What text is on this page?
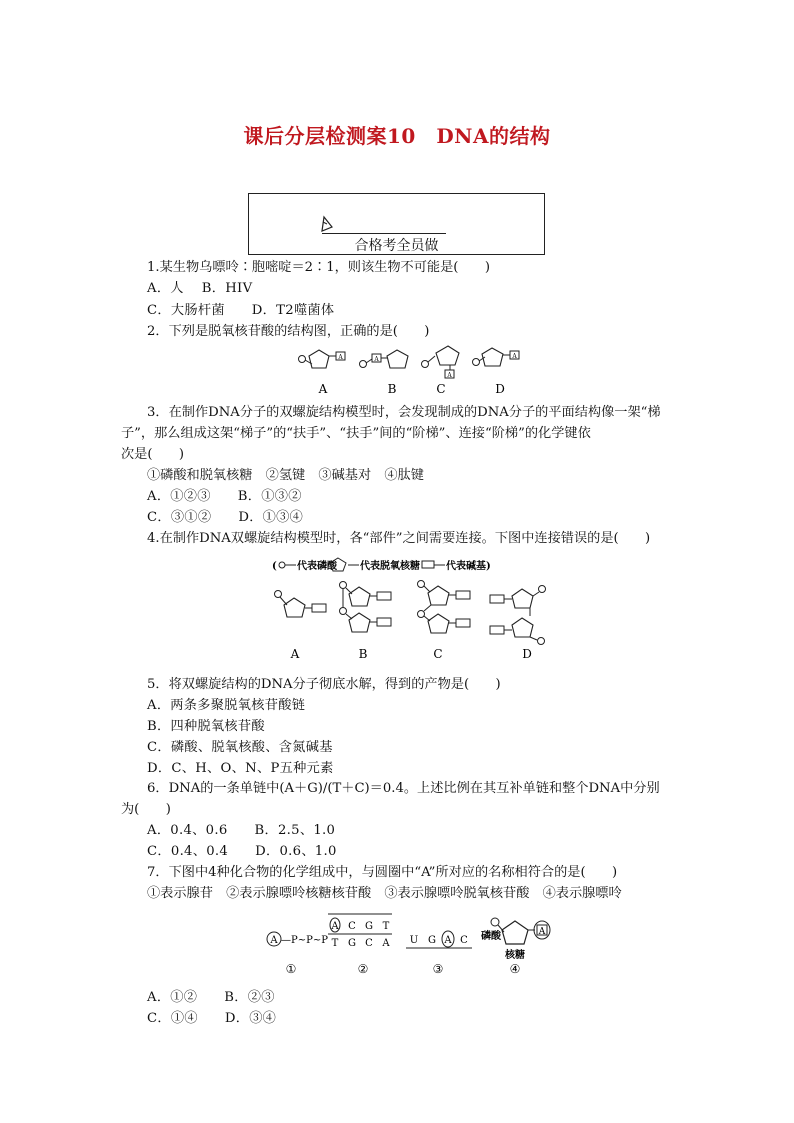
课后分层检测案10　DNA的结构
合格考全员做
1.某生物乌嘌呤∶胞嘧啶＝2∶1，则该生物不可能是(　　)
A．人　 B．HIV
C．大肠杆菌　　D．T2噬菌体
2．下列是脱氧核苷酸的结构图，正确的是(　　)
A	A
A
A
A	B	C	D
3．在制作DNA分子的双螺旋结构模型时，会发现制成的DNA分子的平面结构像一架“梯
子”，那么组成这架“梯子”的“扶手”、“扶手”间的“阶梯”、连接“阶梯”的化学键依
次是(　　)
①磷酸和脱氧核糖　②氢键　③碱基对　④肽键
A．①②③　　B．①③②
C．③①②　　D．①③④
4.在制作DNA双螺旋结构模型时，各“部件”之间需要连接。下图中连接错误的是(　　)
( 代表磷酸 代表脱氧核糖	代表碱基)
A	B	C	D
5．将双螺旋结构的DNA分子彻底水解，得到的产物是(　　)
A．两条多聚脱氧核苷酸链
B．四种脱氧核苷酸
C．磷酸、脱氧核酸、含氮碱基
D．C、H、O、N、P五种元素
6．DNA的一条单链中(A＋G)/(T＋C)＝0.4。上述比例在其互补单链和整个DNA中分别
为(　　)
A．0.4、0.6　　B．2.5、1.0
C．0.4、0.4　　D．0.6、1.0
7．下图中4种化合物的化学组成中，与圆圈中“A”所对应的名称相符合的是(　　)
①表示腺苷　②表示腺嘌呤核糖核苷酸　③表示腺嘌呤脱氧核苷酸　④表示腺嘌呤
A —P~P~P
A C G T
T G C A U G A C 磷酸	A
核糖
①	②	③	④
A．①②　　B．②③
C．①④　　D．③④
